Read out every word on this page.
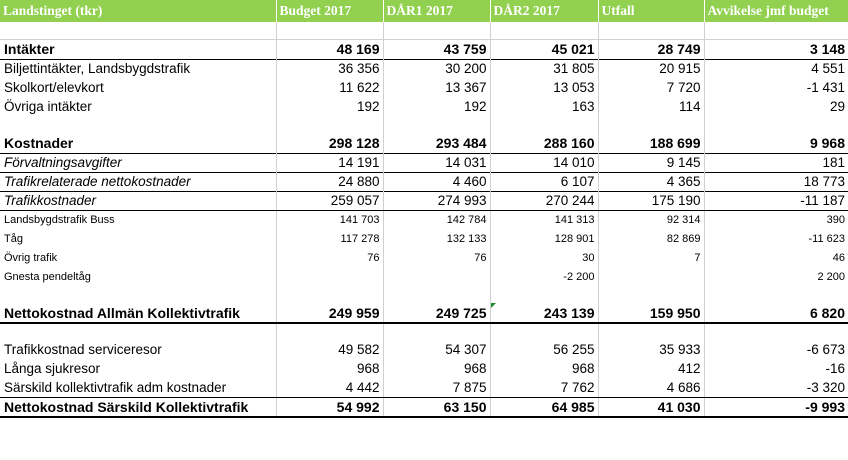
Landstinget (tkr)	Budget 2017	DÅR1 2017	DÅR2 2017	Utfall	Avvikelse jmf budget

Intäkter	48 169	43 759	45 021	28 749	3 148
Biljettintäkter, Landsbygdstrafik	36 356	30 200	31 805	20 915	4 551
Skolkort/elevkort	11 622	13 367	13 053	7 720	-1 431
Övriga intäkter	192	192	163	114	29

Kostnader	298 128	293 484	288 160	188 699	9 968
Förvaltningsavgifter	14 191	14 031	14 010	9 145	181
Trafikrelaterade nettokostnader	24 880	4 460	6 107	4 365	18 773
Trafikkostnader	259 057	274 993	270 244	175 190	-11 187
Landsbygdstrafik Buss	141 703	142 784	141 313	92 314	390
Tåg	117 278	132 133	128 901	82 869	-11 623
Övrig trafik	76	76	30	7	46
Gnesta pendeltåg			-2 200		2 200

Nettokostnad Allmän Kollektivtrafik	249 959	249 725	243 139	159 950	6 820

Trafikkostnad serviceresor	49 582	54 307	56 255	35 933	-6 673
Långa sjukresor	968	968	968	412	-16
Särskild kollektivtrafik adm kostnader	4 442	7 875	7 762	4 686	-3 320
Nettokostnad Särskild Kollektivtrafik	54 992	63 150	64 985	41 030	-9 993
